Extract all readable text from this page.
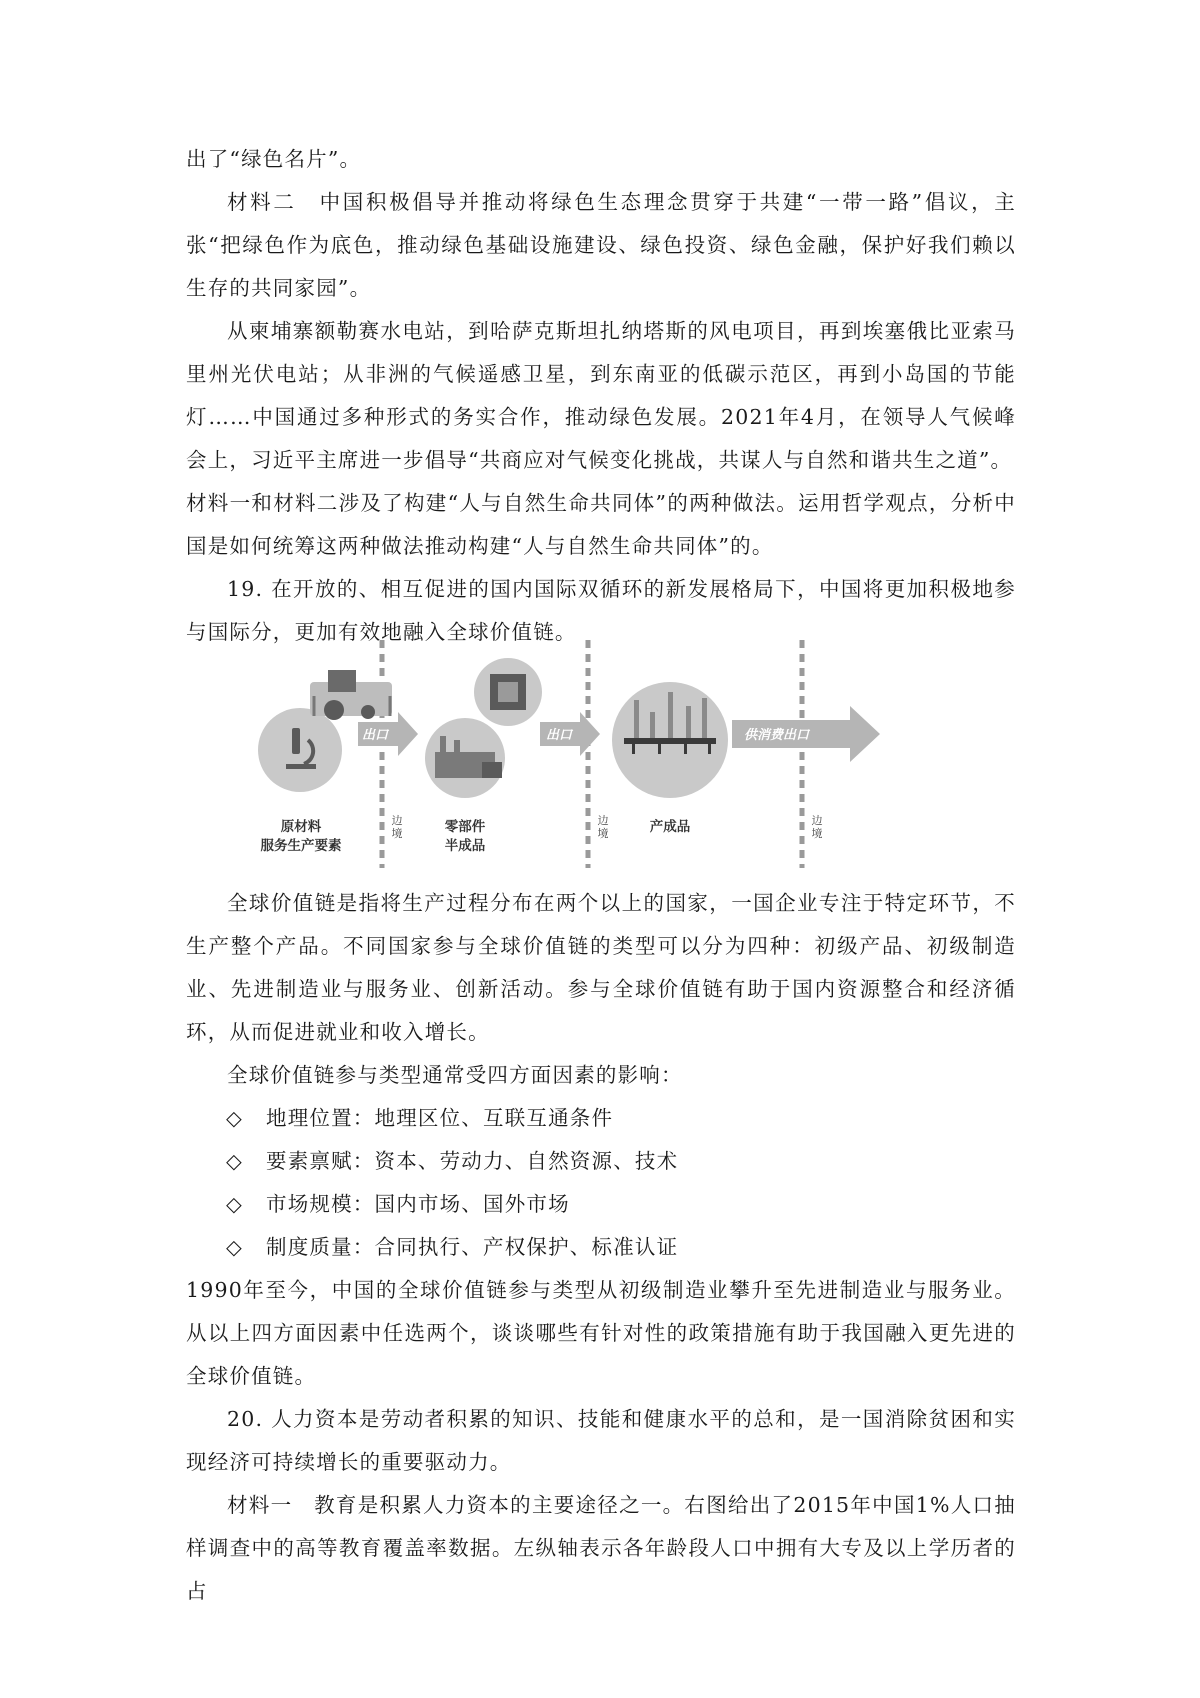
出了“绿色名片”。
材料二　中国积极倡导并推动将绿色生态理念贯穿于共建“一带一路”倡议，主张“把绿色作为底色，推动绿色基础设施建设、绿色投资、绿色金融，保护好我们赖以生存的共同家园”。
从柬埔寨额勒赛水电站，到哈萨克斯坦扎纳塔斯的风电项目，再到埃塞俄比亚索马里州光伏电站；从非洲的气候遥感卫星，到东南亚的低碳示范区，再到小岛国的节能灯……中国通过多种形式的务实合作，推动绿色发展。2021年4月，在领导人气候峰会上，习近平主席进一步倡导“共商应对气候变化挑战，共谋人与自然和谐共生之道”。
材料一和材料二涉及了构建“人与自然生命共同体”的两种做法。运用哲学观点，分析中国是如何统筹这两种做法推动构建“人与自然生命共同体”的。
19. 在开放的、相互促进的国内国际双循环的新发展格局下，中国将更加积极地参与国际分，更加有效地融入全球价值链。
出口	出口	供消费出口
边境
边境
边境
原材料
服务生产要素
零部件
半成品
产成品
全球价值链是指将生产过程分布在两个以上的国家，一国企业专注于特定环节，不生产整个产品。不同国家参与全球价值链的类型可以分为四种：初级产品、初级制造业、先进制造业与服务业、创新活动。参与全球价值链有助于国内资源整合和经济循环，从而促进就业和收入增长。
全球价值链参与类型通常受四方面因素的影响：
◇ 地理位置：地理区位、互联互通条件
◇ 要素禀赋：资本、劳动力、自然资源、技术
◇ 市场规模：国内市场、国外市场
◇ 制度质量：合同执行、产权保护、标准认证
1990年至今，中国的全球价值链参与类型从初级制造业攀升至先进制造业与服务业。从以上四方面因素中任选两个，谈谈哪些有针对性的政策措施有助于我国融入更先进的全球价值链。
20. 人力资本是劳动者积累的知识、技能和健康水平的总和，是一国消除贫困和实现经济可持续增长的重要驱动力。
材料一　教育是积累人力资本的主要途径之一。右图给出了2015年中国1%人口抽样调查中的高等教育覆盖率数据。左纵轴表示各年龄段人口中拥有大专及以上学历者的占
